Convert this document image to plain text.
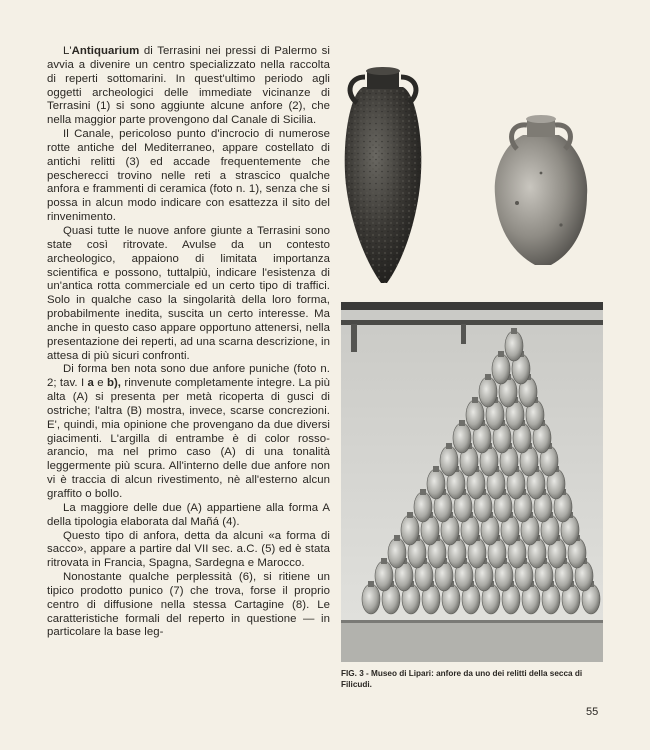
L'Antiquarium di Terrasini nei pressi di Palermo si avvia a divenire un centro specializzato nella raccolta di reperti sottomarini. In quest'ultimo periodo agli oggetti archeologici delle immediate vicinanze di Terrasini (1) si sono aggiunte alcune anfore (2), che nella maggior parte provengono dal Canale di Sicilia.

Il Canale, pericoloso punto d'incrocio di numerose rotte antiche del Mediterraneo, appare costellato di antichi relitti (3) ed accade frequentemente che pescherecci trovino nelle reti a strascico qualche anfora e frammenti di ceramica (foto n. 1), senza che si possa in alcun modo indicare con esattezza il sito del rinvenimento.

Quasi tutte le nuove anfore giunte a Terrasini sono state così ritrovate. Avulse da un contesto archeologico, appaiono di limitata importanza scientifica e possono, tuttalpiù, indicare l'esistenza di un'antica rotta commerciale ed un certo tipo di traffici. Solo in qualche caso la singolarità della loro forma, probabilmente inedita, suscita un certo interesse. Ma anche in questo caso appare opportuno attenersi, nella presentazione dei reperti, ad una scarna descrizione, in attesa di più sicuri confronti.

Di forma ben nota sono due anfore puniche (foto n. 2; tav. I a e b), rinvenute completamente integre. La più alta (A) si presenta per metà ricoperta di gusci di ostriche; l'altra (B) mostra, invece, scarse concrezioni. E', quindi, mia opinione che provengano da due diversi giacimenti. L'argilla di entrambe è di color rosso-arancio, ma nel primo caso (A) di una tonalità leggermente più scura. All'interno delle due anfore non vi è traccia di alcun rivestimento, nè all'esterno alcun graffito o bollo.

La maggiore delle due (A) appartiene alla forma A della tipologia elaborata dal Mañá (4).

Questo tipo di anfora, detta da alcuni «a forma di sacco», appare a partire dal VII sec. a.C. (5) ed è stata ritrovata in Francia, Spagna, Sardegna e Marocco.

Nonostante qualche perplessità (6), si ritiene un tipico prodotto punico (7) che trova, forse il proprio centro di diffusione nella stessa Cartagine (8). Le caratteristiche formali del reperto in questione — in particolare la base leg-

FIG. 3 - Museo di Lipari: anfore da uno dei relitti della secca di Filicudi.
55
